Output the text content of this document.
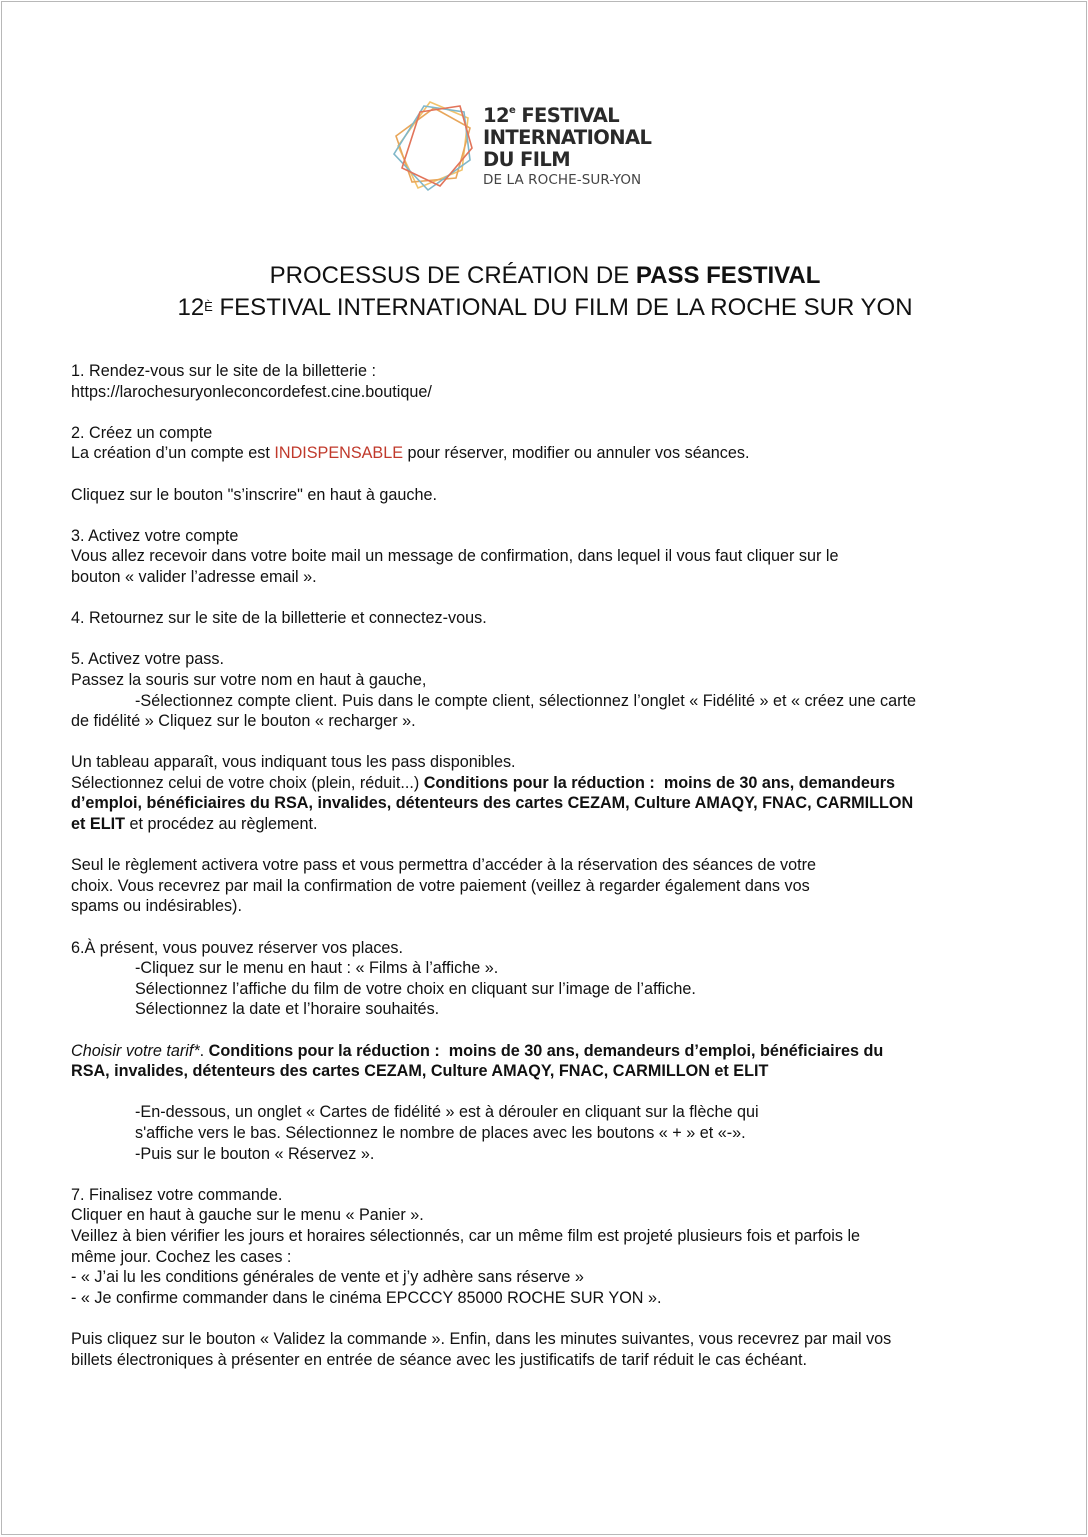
12e FESTIVAL
INTERNATIONAL
DU FILM
DE LA ROCHE-SUR-YON
PROCESSUS DE CRÉATION DE PASS FESTIVAL
$12^È$ FESTIVAL INTERNATIONAL DU FILM DE LA ROCHE SUR YON

1. Rendez-vous sur le site de la billetterie :

https://larochesuryonleconcordefest.cine.boutique/

2. Créez un compte

La création d’un compte est INDISPENSABLE pour réserver, modifier ou annuler vos séances.

Cliquez sur le bouton "s’inscrire" en haut à gauche.

3. Activez votre compte

Vous allez recevoir dans votre boite mail un message de confirmation, dans lequel il vous faut cliquer sur le

bouton « valider l’adresse email ».

4. Retournez sur le site de la billetterie et connectez-vous.

5. Activez votre pass.

Passez la souris sur votre nom en haut à gauche,

-Sélectionnez compte client. Puis dans le compte client, sélectionnez l’onglet « Fidélité » et « créez une carte

de fidélité » Cliquez sur le bouton « recharger ».

Un tableau apparaît, vous indiquant tous les pass disponibles.

Sélectionnez celui de votre choix (plein, réduit...) Conditions pour la réduction :  moins de 30 ans, demandeurs

d’emploi, bénéficiaires du RSA, invalides, détenteurs des cartes CEZAM, Culture AMAQY, FNAC, CARMILLON

et ELIT et procédez au règlement.

Seul le règlement activera votre pass et vous permettra d’accéder à la réservation des séances de votre

choix. Vous recevrez par mail la confirmation de votre paiement (veillez à regarder également dans vos

spams ou indésirables).

6.À présent, vous pouvez réserver vos places.

-Cliquez sur le menu en haut : « Films à l’affiche ».

Sélectionnez l’affiche du film de votre choix en cliquant sur l’image de l’affiche.

Sélectionnez la date et l’horaire souhaités.

Choisir votre tarif*. Conditions pour la réduction :  moins de 30 ans, demandeurs d’emploi, bénéficiaires du

RSA, invalides, détenteurs des cartes CEZAM, Culture AMAQY, FNAC, CARMILLON et ELIT

-En-dessous, un onglet « Cartes de fidélité » est à dérouler en cliquant sur la flèche qui

s'affiche vers le bas. Sélectionnez le nombre de places avec les boutons « + » et «-».

-Puis sur le bouton « Réservez ».

7. Finalisez votre commande.

Cliquer en haut à gauche sur le menu « Panier ».

Veillez à bien vérifier les jours et horaires sélectionnés, car un même film est projeté plusieurs fois et parfois le

même jour. Cochez les cases :

- « J’ai lu les conditions générales de vente et j’y adhère sans réserve »

- « Je confirme commander dans le cinéma EPCCCY 85000 ROCHE SUR YON ».

Puis cliquez sur le bouton « Validez la commande ». Enfin, dans les minutes suivantes, vous recevrez par mail vos

billets électroniques à présenter en entrée de séance avec les justificatifs de tarif réduit le cas échéant.
